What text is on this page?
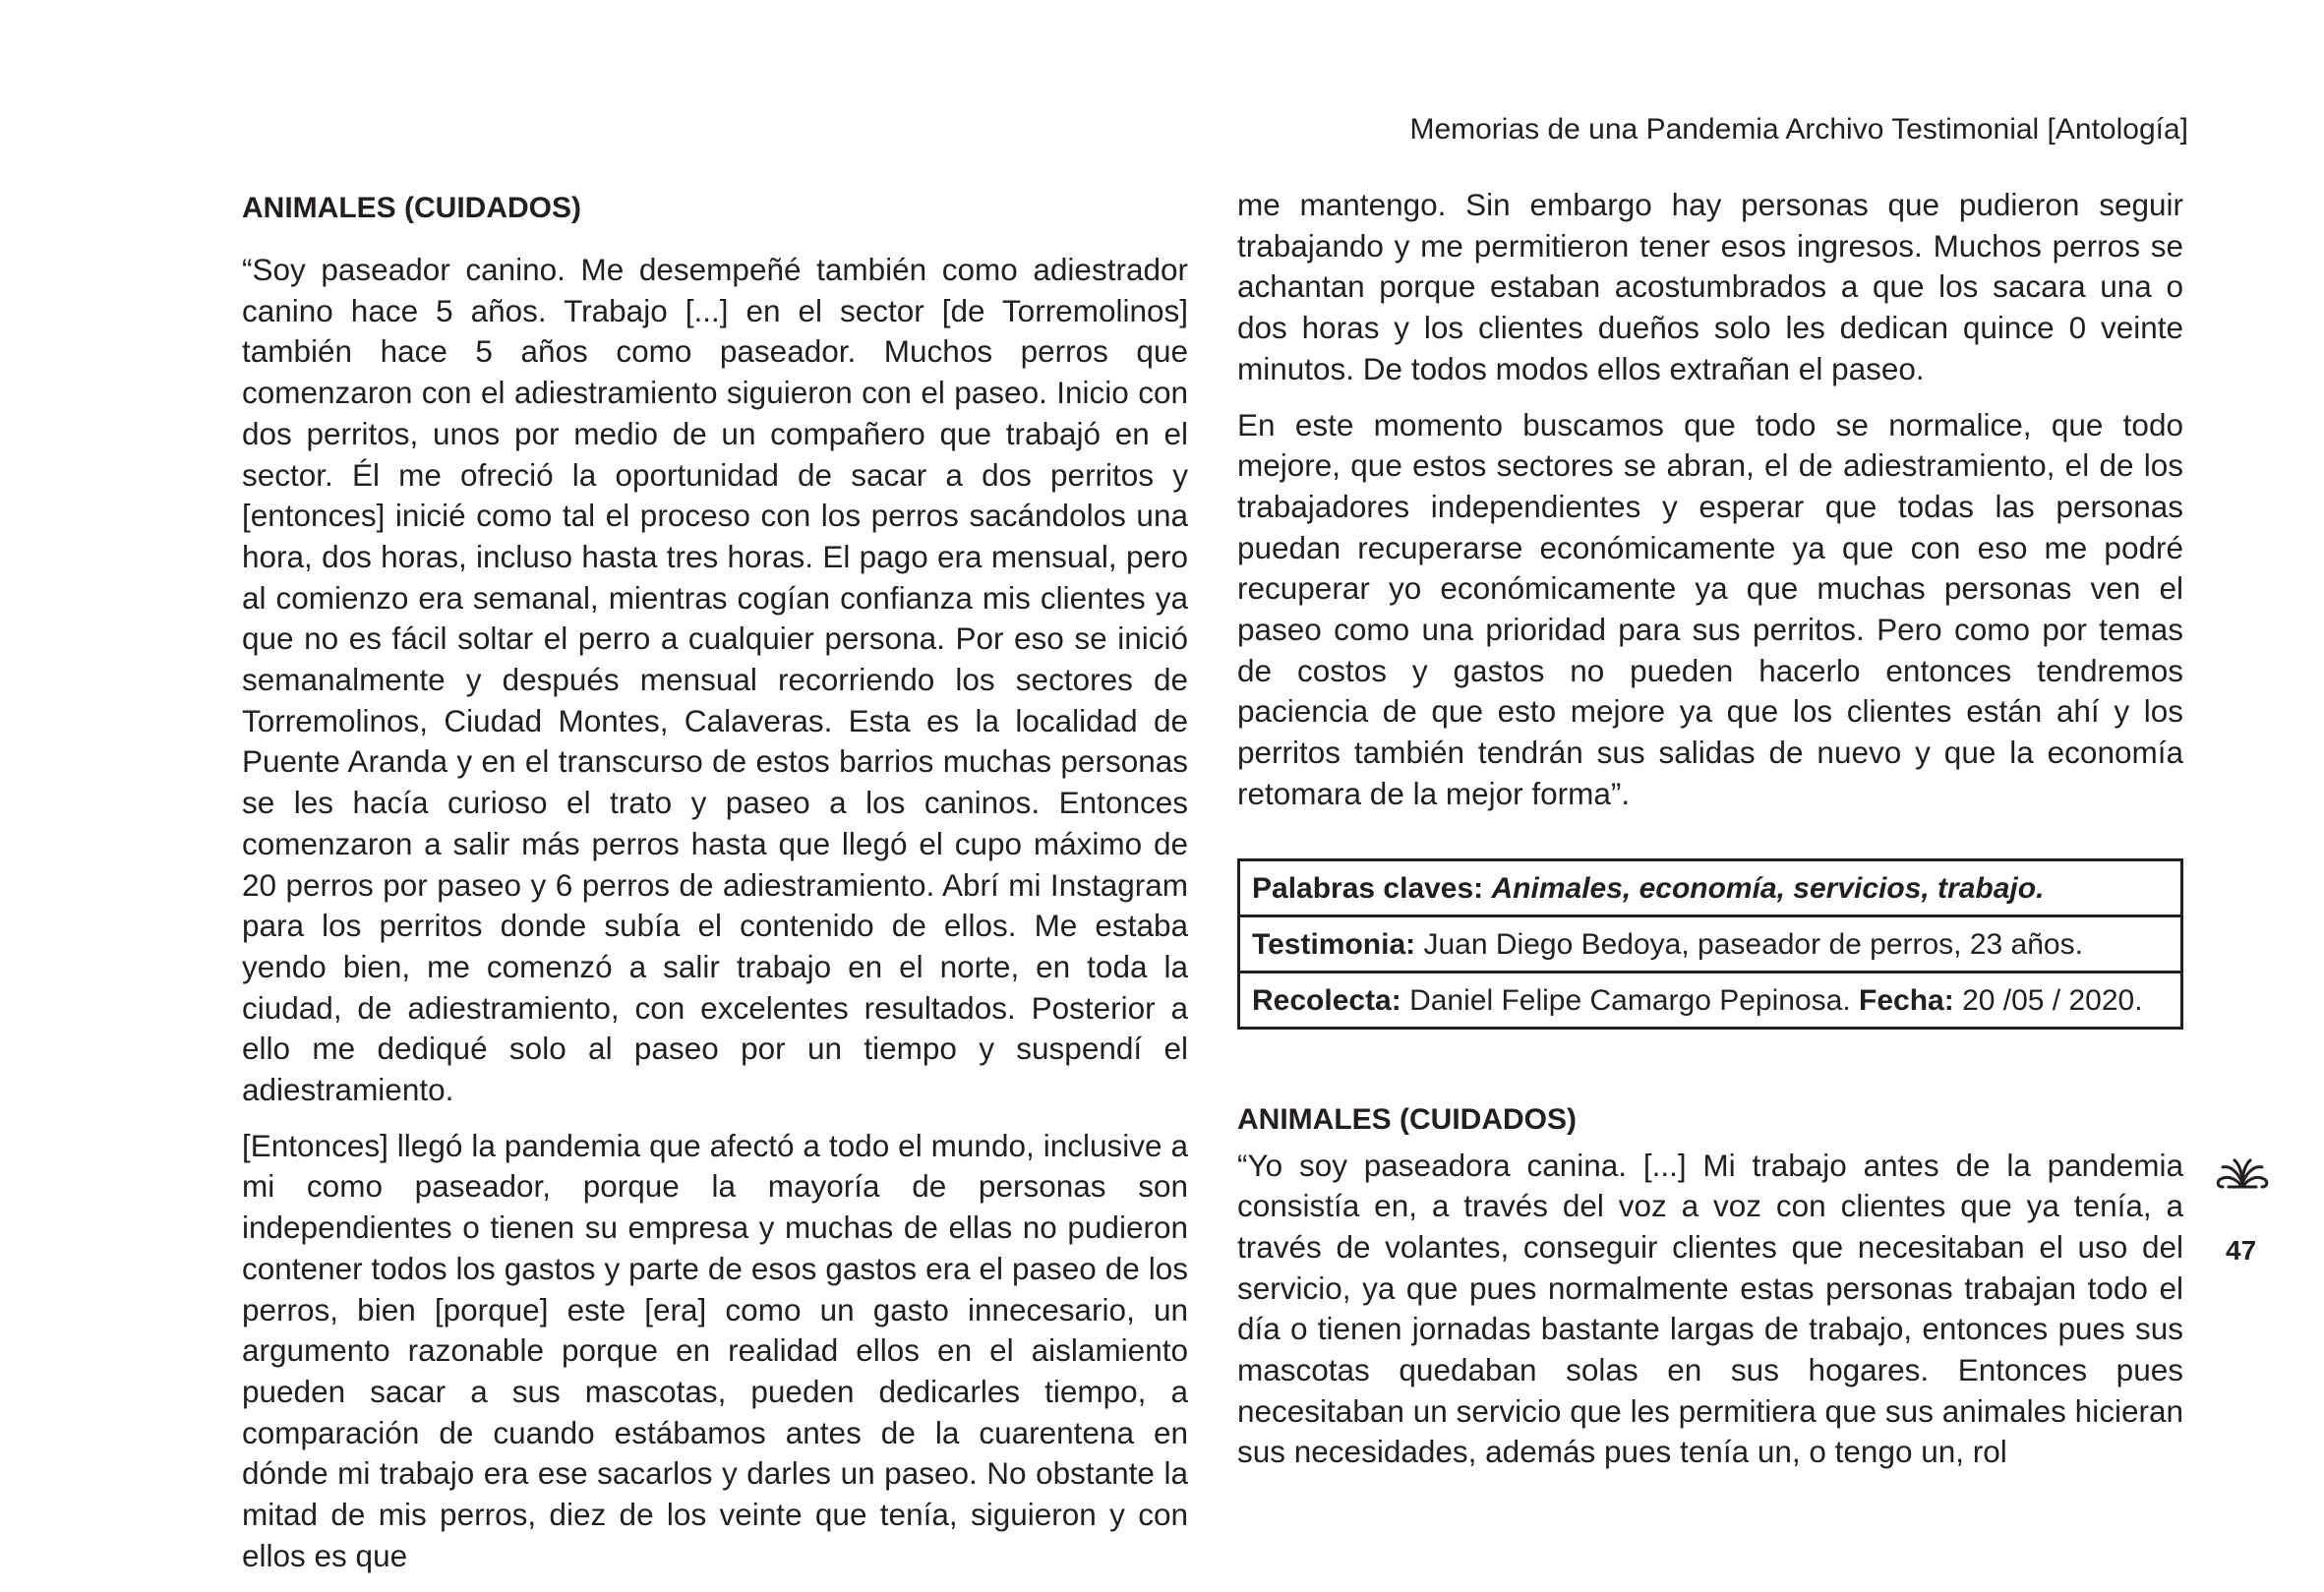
Memorias de una Pandemia Archivo Testimonial [Antología]
ANIMALES (CUIDADOS)

“Soy paseador canino. Me desempeñé también como adiestrador canino hace 5 años. Trabajo [...] en el sector [de Torremolinos] también hace 5 años como paseador. Muchos perros que comenzaron con el adiestramiento siguieron con el paseo. Inicio con dos perritos, unos por medio de un compañero que trabajó en el sector. Él me ofreció la oportunidad de sacar a dos perritos y [entonces] inicié como tal el proceso con los perros sacándolos una hora, dos horas, incluso hasta tres horas. El pago era mensual, pero al comienzo era semanal, mientras cogían confianza mis clientes ya que no es fácil soltar el perro a cualquier persona. Por eso se inició semanalmente y después mensual recorriendo los sectores de Torremolinos, Ciudad Montes, Calaveras. Esta es la localidad de Puente Aranda y en el transcurso de estos barrios muchas personas se les hacía curioso el trato y paseo a los caninos. Entonces comenzaron a salir más perros hasta que llegó el cupo máximo de 20 perros por paseo y 6 perros de adiestramiento. Abrí mi Instagram para los perritos donde subía el contenido de ellos. Me estaba yendo bien, me comenzó a salir trabajo en el norte, en toda la ciudad, de adiestramiento, con excelentes resultados. Posterior a ello me dediqué solo al paseo por un tiempo y suspendí el adiestramiento.

[Entonces] llegó la pandemia que afectó a todo el mundo, inclusive a mi como paseador, porque la mayoría de personas son independientes o tienen su empresa y muchas de ellas no pudieron contener todos los gastos y parte de esos gastos era el paseo de los perros, bien [porque] este [era] como un gasto innecesario, un argumento razonable porque en realidad ellos en el aislamiento pueden sacar a sus mascotas, pueden dedicarles tiempo, a comparación de cuando estábamos antes de la cuarentena en dónde mi trabajo era ese sacarlos y darles un paseo. No obstante la mitad de mis perros, diez de los veinte que tenía, siguieron y con ellos es que

me mantengo. Sin embargo hay personas que pudieron seguir trabajando y me permitieron tener esos ingresos. Muchos perros se achantan porque estaban acostumbrados a que los sacara una o dos horas y los clientes dueños solo les dedican quince 0 veinte minutos. De todos modos ellos extrañan el paseo.

En este momento buscamos que todo se normalice, que todo mejore, que estos sectores se abran, el de adiestramiento, el de los trabajadores independientes y esperar que todas las personas puedan recuperarse económicamente ya que con eso me podré recuperar yo económicamente ya que muchas personas ven el paseo como una prioridad para sus perritos. Pero como por temas de costos y gastos no pueden hacerlo entonces tendremos paciencia de que esto mejore ya que los clientes están ahí y los perritos también tendrán sus salidas de nuevo y que la economía retomara de la mejor forma”.

Palabras claves: Animales, economía, servicios, trabajo.
Testimonia: Juan Diego Bedoya, paseador de perros, 23 años.
Recolecta: Daniel Felipe Camargo Pepinosa. Fecha: 20 /05 / 2020.
ANIMALES (CUIDADOS)

“Yo soy paseadora canina. [...] Mi trabajo antes de la pandemia consistía en, a través del voz a voz con clientes que ya tenía, a través de volantes, conseguir clientes que necesitaban el uso del servicio, ya que pues normalmente estas personas trabajan todo el día o tienen jornadas bastante largas de trabajo, entonces pues sus mascotas quedaban solas en sus hogares. Entonces pues necesitaban un servicio que les permitiera que sus animales hicieran sus necesidades, además pues tenía un, o tengo un, rol

47
